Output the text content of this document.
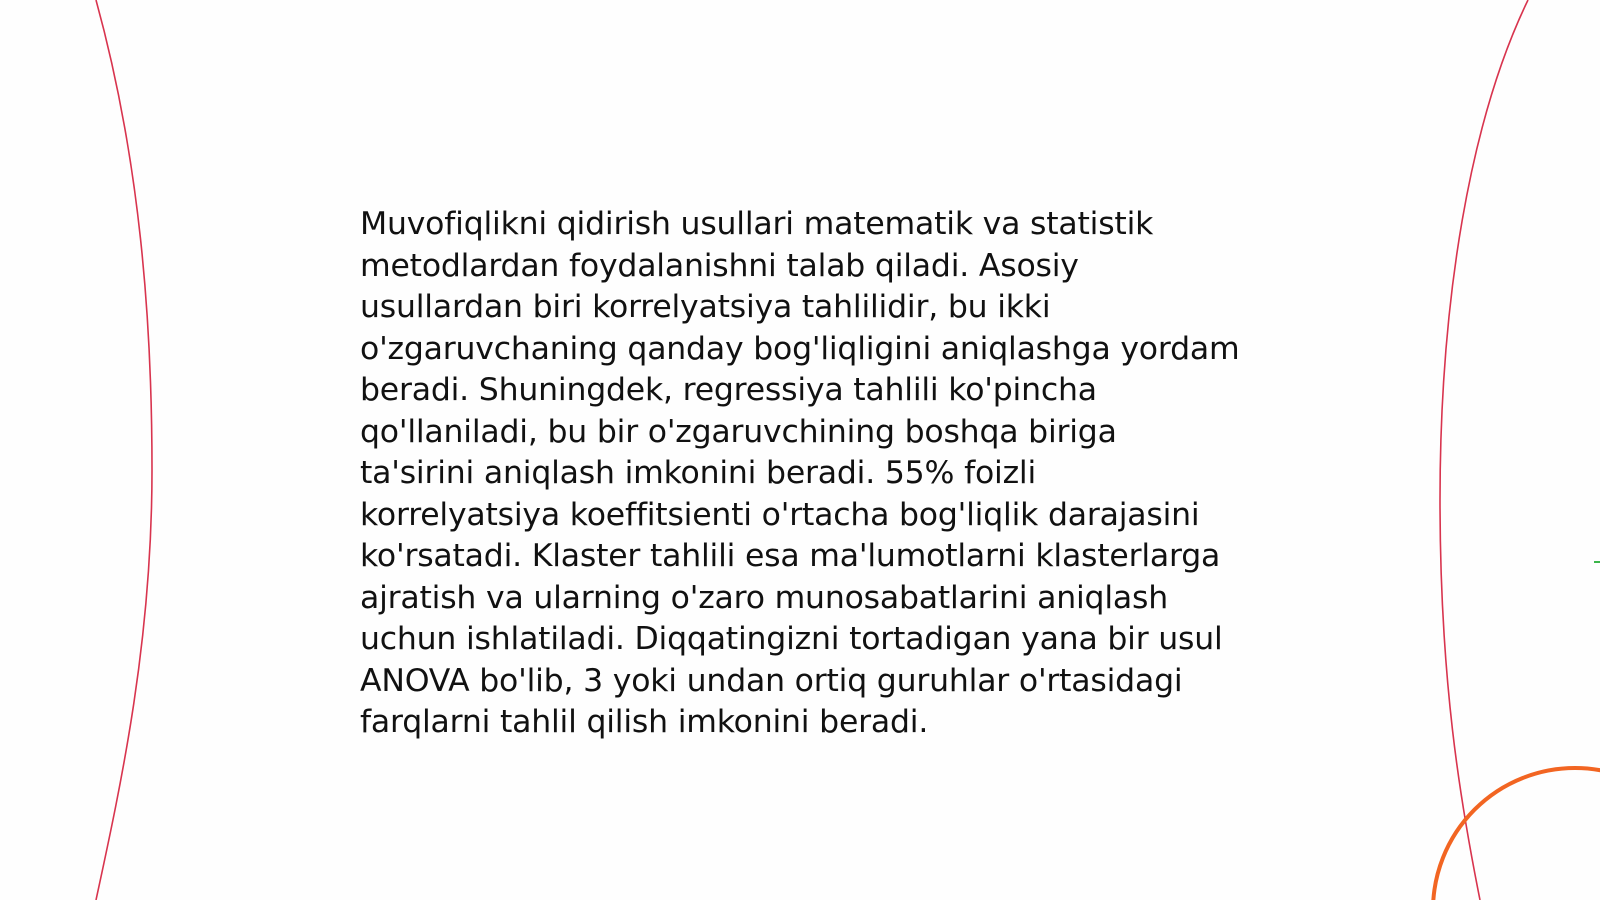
Muvofiqlikni qidirish usullari matematik va statistik metodlardan foydalanishni talab qiladi. Asosiy usullardan biri korrelyatsiya tahlilidir, bu ikki o'zgaruvchaning qanday bog'liqligini aniqlashga yordam beradi. Shuningdek, regressiya tahlili ko'pincha qo'llaniladi, bu bir o'zgaruvchining boshqa biriga ta'sirini aniqlash imkonini beradi. 55% foizli korrelyatsiya koeffitsienti o'rtacha bog'liqlik darajasini ko'rsatadi. Klaster tahlili esa ma'lumotlarni klasterlarga ajratish va ularning o'zaro munosabatlarini aniqlash uchun ishlatiladi. Diqqatingizni tortadigan yana bir usul ANOVA bo'lib, 3 yoki undan ortiq guruhlar o'rtasidagi farqlarni tahlil qilish imkonini beradi.
